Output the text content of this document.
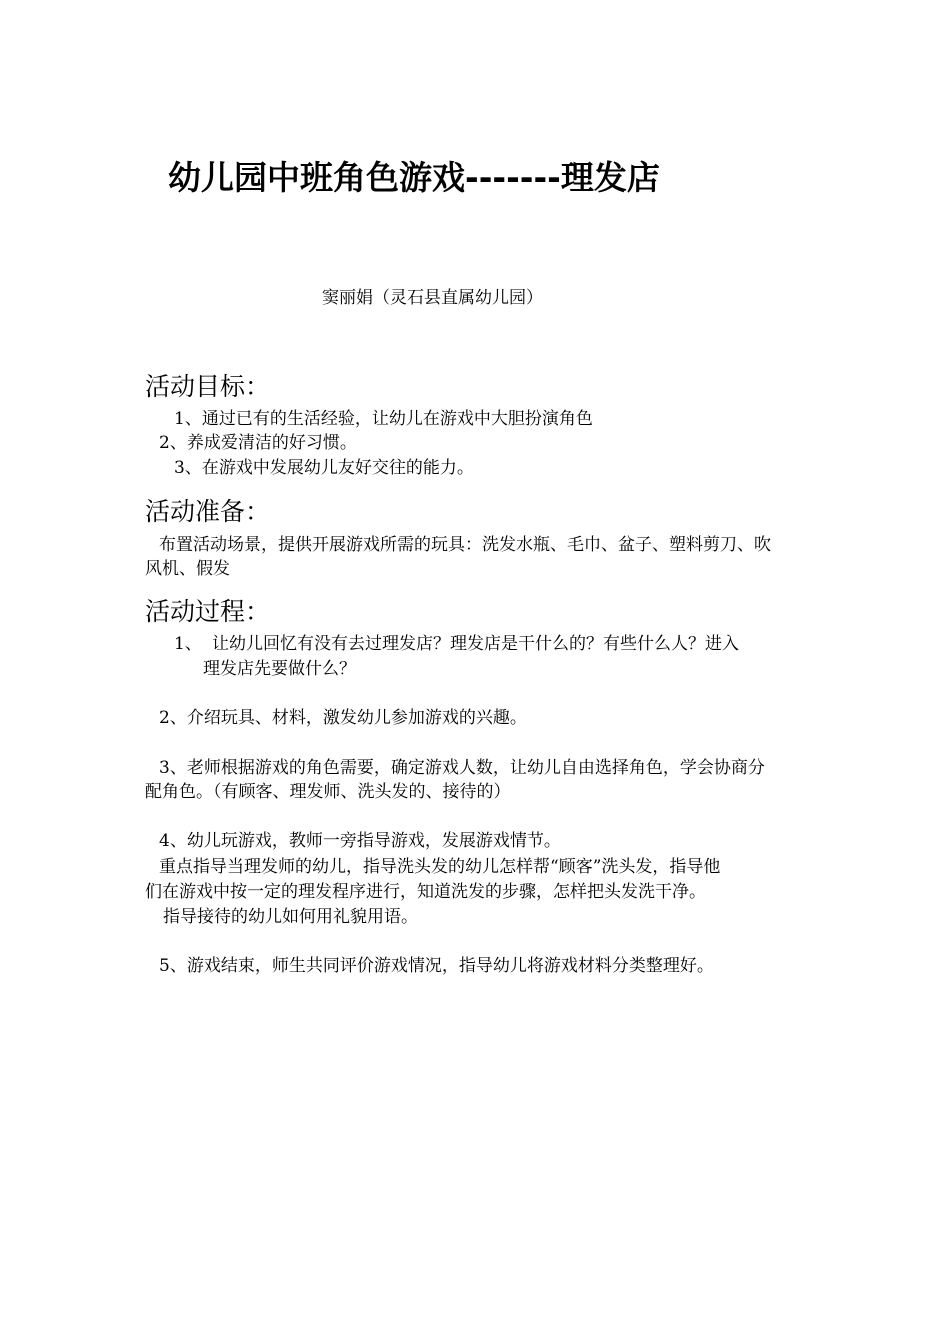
幼儿园中班角色游戏-------理发店
窦丽娟（灵石县直属幼儿园）
活动目标：
1、通过已有的生活经验，让幼儿在游戏中大胆扮演角色
2、养成爱清洁的好习惯。
3、在游戏中发展幼儿友好交往的能力。
活动准备：
布置活动场景，提供开展游戏所需的玩具：洗发水瓶、毛巾、盆子、塑料剪刀、吹
风机、假发
活动过程：
1、 让幼儿回忆有没有去过理发店？理发店是干什么的？有些什么人？进入
理发店先要做什么？
2、介绍玩具、材料，激发幼儿参加游戏的兴趣。
3、老师根据游戏的角色需要，确定游戏人数，让幼儿自由选择角色，学会协商分
配角色。（有顾客、理发师、洗头发的、接待的）
4、幼儿玩游戏，教师一旁指导游戏，发展游戏情节。
重点指导当理发师的幼儿，指导洗头发的幼儿怎样帮“顾客”洗头发，指导他
们在游戏中按一定的理发程序进行，知道洗发的步骤，怎样把头发洗干净。
指导接待的幼儿如何用礼貌用语。
5、游戏结束，师生共同评价游戏情况，指导幼儿将游戏材料分类整理好。
